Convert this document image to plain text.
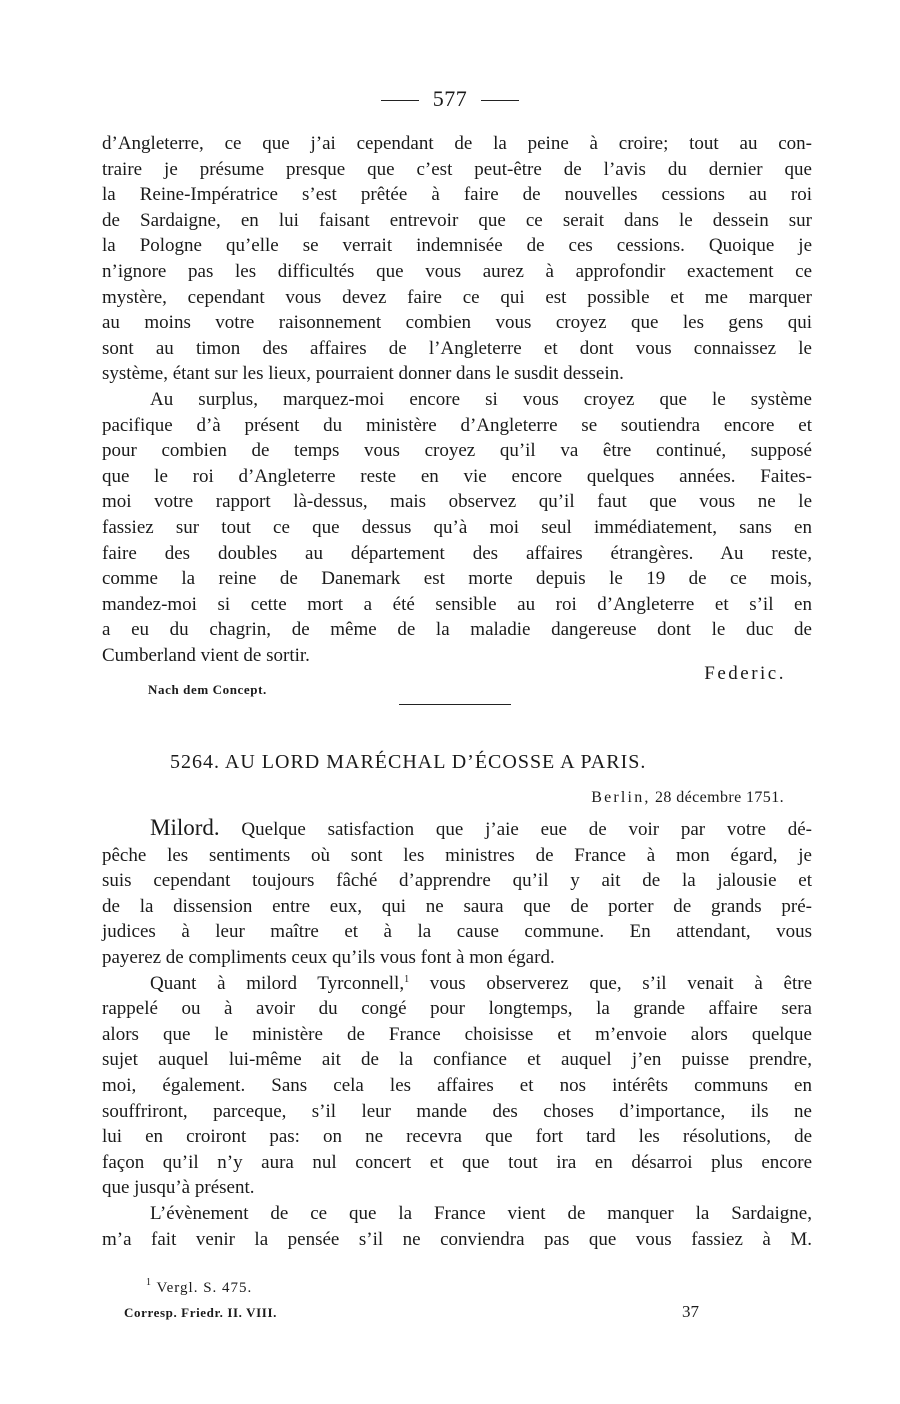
577
d’Angleterre, ce que j’ai cependant de la peine à croire; tout au con-
traire je présume presque que c’est peut-être de l’avis du dernier que
la Reine-Impératrice s’est prêtée à faire de nouvelles cessions au roi
de Sardaigne, en lui faisant entrevoir que ce serait dans le dessein sur
la Pologne qu’elle se verrait indemnisée de ces cessions. Quoique je
n’ignore pas les difficultés que vous aurez à approfondir exactement ce
mystère, cependant vous devez faire ce qui est possible et me marquer
au moins votre raisonnement combien vous croyez que les gens qui
sont au timon des affaires de l’Angleterre et dont vous connaissez le
système, étant sur les lieux, pourraient donner dans le susdit dessein.
Au surplus, marquez-moi encore si vous croyez que le système
pacifique d’à présent du ministère d’Angleterre se soutiendra encore et
pour combien de temps vous croyez qu’il va être continué, supposé
que le roi d’Angleterre reste en vie encore quelques années. Faites-
moi votre rapport là-dessus, mais observez qu’il faut que vous ne le
fassiez sur tout ce que dessus qu’à moi seul immédiatement, sans en
faire des doubles au département des affaires étrangères. Au reste,
comme la reine de Danemark est morte depuis le 19 de ce mois,
mandez-moi si cette mort a été sensible au roi d’Angleterre et s’il en
a eu du chagrin, de même de la maladie dangereuse dont le duc de
Cumberland vient de sortir.
Federic.
Nach dem Concept.
5264. AU LORD MARÉCHAL D’ÉCOSSE A PARIS.
Berlin, 28 décembre 1751.
Milord. Quelque satisfaction que j’aie eue de voir par votre dé-
pêche les sentiments où sont les ministres de France à mon égard, je
suis cependant toujours fâché d’apprendre qu’il y ait de la jalousie et
de la dissension entre eux, qui ne saura que de porter de grands pré-
judices à leur maître et à la cause commune. En attendant, vous
payerez de compliments ceux qu’ils vous font à mon égard.
Quant à milord Tyrconnell,$^1$ vous observerez que, s’il venait à être
rappelé ou à avoir du congé pour longtemps, la grande affaire sera
alors que le ministère de France choisisse et m’envoie alors quelque
sujet auquel lui-même ait de la confiance et auquel j’en puisse prendre,
moi, également. Sans cela les affaires et nos intérêts communs en
souffriront, parceque, s’il leur mande des choses d’importance, ils ne
lui en croiront pas: on ne recevra que fort tard les résolutions, de
façon qu’il n’y aura nul concert et que tout ira en désarroi plus encore
que jusqu’à présent.
L’évènement de ce que la France vient de manquer la Sardaigne,
m’a fait venir la pensée s’il ne conviendra pas que vous fassiez à M.
$^1$ Vergl. S. 475.
Corresp. Friedr. II. VIII.	37
